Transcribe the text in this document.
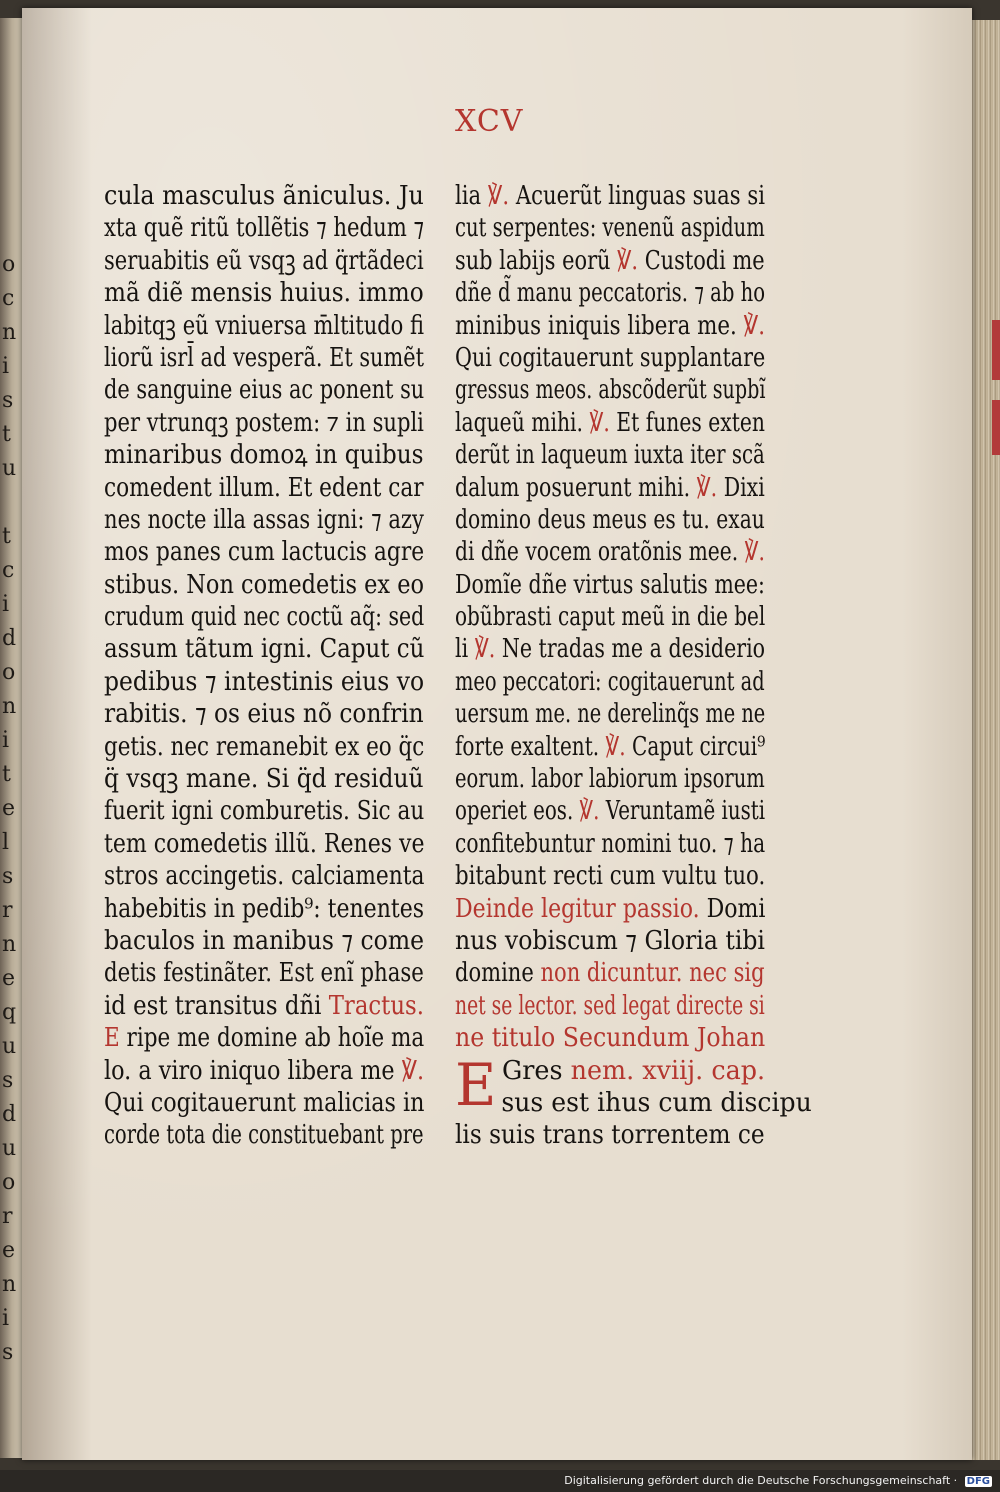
o
c
n
i
s
t
u

t
c
i
d
o
n
i
t
e
l
s
r
n
e
q
u
s
d
u
o
r
e
n
i
s
XCV
cula masculus ãniculus. Ju
xta quẽ ritũ tollẽtis ⁊ hedum ⁊
seruabitis eũ vsqꝫ ad q̈rtãdeci
mã diẽ mensis huius. immo
labitqꝫ eũ vniuersa m̄ltitudo fi
liorũ isrl̄ ad vesperã. Et sumẽt
de sanguine eius ac ponent su
per vtrunqꝫ postem: ⁊ in supli
minaribus domoꝝ in quibus
comedent illum. Et edent car
nes nocte illa assas igni: ⁊ azy
mos panes cum lactucis agre
stibus. Non comedetis ex eo
crudum quid nec coctũ aq̃: sed
assum tãtum igni. Caput cũ
pedibus ⁊ intestinis eius vo
rabitis. ⁊ os eius nõ confrin
getis. nec remanebit ex eo q̈c
q̈ vsqꝫ mane. Si q̈d residuũ
fuerit igni comburetis. Sic au
tem comedetis illũ. Renes ve
stros accingetis. calciamenta
habebitis in pedib⁹: tenentes
baculos in manibus ⁊ come
detis festinãter. Est enĩ phase
id est transitus dñi Tractus.
E ripe me domine ab hoĩe ma
lo. a viro iniquo libera me ℣.
Qui cogitauerunt malicias in
corde tota die constituebant pre
lia ℣. Acuerũt linguas suas si
cut serpentes: venenũ aspidum
sub labijs eorũ ℣. Custodi me
dñe d̃ manu peccatoris. ⁊ ab ho
minibus iniquis libera me. ℣.
Qui cogitauerunt supplantare
gressus meos. abscõderũt supbĩ
laqueũ mihi. ℣. Et funes exten
derũt in laqueum iuxta iter scã
dalum posuerunt mihi. ℣. Dixi
domino deus meus es tu. exau
di dñe vocem oratõnis mee. ℣.
Domĩe dñe virtus salutis mee:
obũbrasti caput meũ in die bel
li ℣. Ne tradas me a desiderio
meo peccatori: cogitauerunt ad
uersum me. ne derelinq̃s me ne
forte exaltent. ℣. Caput circui⁹
eorum. labor labiorum ipsorum
operiet eos. ℣. Veruntamẽ iusti
confitebuntur nomini tuo. ⁊ ha
bitabunt recti cum vultu tuo.
Deinde legitur passio. Domi
nus vobiscum ⁊ Gloria tibi
domine non dicuntur. nec sig
net se lector. sed legat directe si
ne titulo Secundum Johan
E Gres nem. xviij. cap.
sus est ihus cum discipu
lis suis trans torrentem ce
Digitalisierung gefördert durch die Deutsche Forschungsgemeinschaft · DFG
